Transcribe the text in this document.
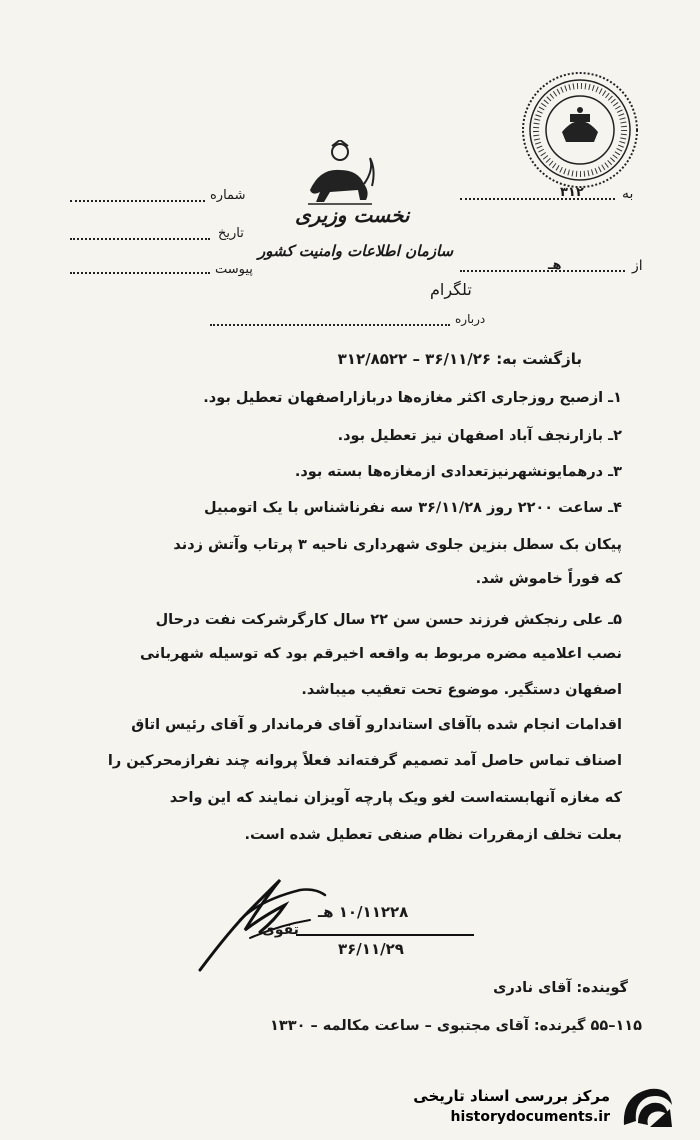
نخست وزیری
سازمان اطلاعات وامنیت کشور
شماره
تاریخ
پیوست
به
۳۱۲
از
هـ
تلگرام
درباره
بازگشت به: ۳۶/۱۱/۲۶ – ۳۱۲/۸۵۲۲
۱ـ ازصبح روزجاری اکثر مغازه‌ها دربازاراصفهان تعطیل بود.
۲ـ بازارنجف آباد اصفهان نیز تعطیل بود.
۳ـ درهمایونشهرنیزتعدادی ازمغازه‌ها بسته بود.
۴ـ ساعت ۲۲۰۰ روز ۳۶/۱۱/۲۸ سه نفرناشناس با یک اتومبیل
پیکان بک سطل بنزین جلوی شهرداری ناحیه ۳ پرتاب وآتش زدند
که فوراً خاموش شد.
۵ـ علی رنجکش فرزند حسن سن ۲۲ سال کارگرشرکت نفت درحال
نصب اعلامیه مضره مربوط به واقعه اخیرقم بود که توسیله شهربانی
اصفهان دستگیر. موضوع تحت تعقیب میباشد.
اقدامات انجام شده باآقای استاندارو آقای فرماندار و آقای رئیس اتاق
اصناف تماس حاصل آمد تصمیم گرفته‌اند فعلاً پروانه چند نفرازمحرکین را
که مغازه آنهابسته‌است لغو ویک پارچه آویزان نمایند که این واحد
بعلت تخلف ازمقررات نظام صنفی تعطیل شده است.
۱۰/۱۱۲۲۸ هـ
تقوی
۳۶/۱۱/۲۹
گوینده: آقای نادری
۱۱۵–۵۵ گیرنده: آقای مجتبوی – ساعت مکالمه – ۱۳۳۰
مرکز بررسی اسناد تاریخی
historydocuments.ir
